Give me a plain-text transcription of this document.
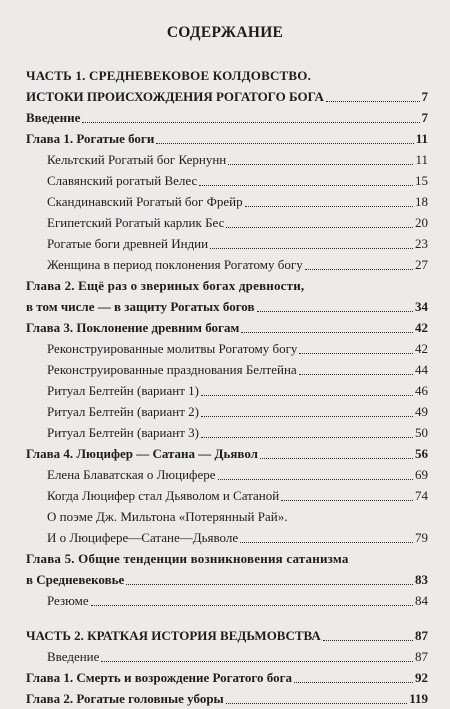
СОДЕРЖАНИЕ
ЧАСТЬ 1. СРЕДНЕВЕКОВОЕ КОЛДОВСТВО.
ИСТОКИ ПРОИСХОЖДЕНИЯ РОГАТОГО БОГА	7
Введение	7
Глава 1. Рогатые боги	11
Кельтский Рогатый бог Кернунн	11
Славянский рогатый Велес	15
Скандинавский Рогатый бог Фрейр	18
Египетский Рогатый карлик Бес	20
Рогатые боги древней Индии	23
Женщина в период поклонения Рогатому богу	27
Глава 2. Ещё раз о звериных богах древности,
в том числе — в защиту Рогатых богов	34
Глава 3. Поклонение древним богам	42
Реконструированные молитвы Рогатому богу	42
Реконструированные празднования Белтейна	44
Ритуал Белтейн (вариант 1)	46
Ритуал Белтейн (вариант 2)	49
Ритуал Белтейн (вариант 3)	50
Глава 4. Люцифер — Сатана — Дьявол	56
Елена Блаватская о Люцифере	69
Когда Люцифер стал Дьяволом и Сатаной	74
О поэме Дж. Мильтона «Потерянный Рай».
И о Люцифере—Сатане—Дьяволе	79
Глава 5. Общие тенденции возникновения сатанизма
в Средневековье	83
Резюме	84
ЧАСТЬ 2. КРАТКАЯ ИСТОРИЯ ВЕДЬМОВСТВА	87
Введение	87
Глава 1. Смерть и возрождение Рогатого бога	92
Глава 2. Рогатые головные уборы	119
